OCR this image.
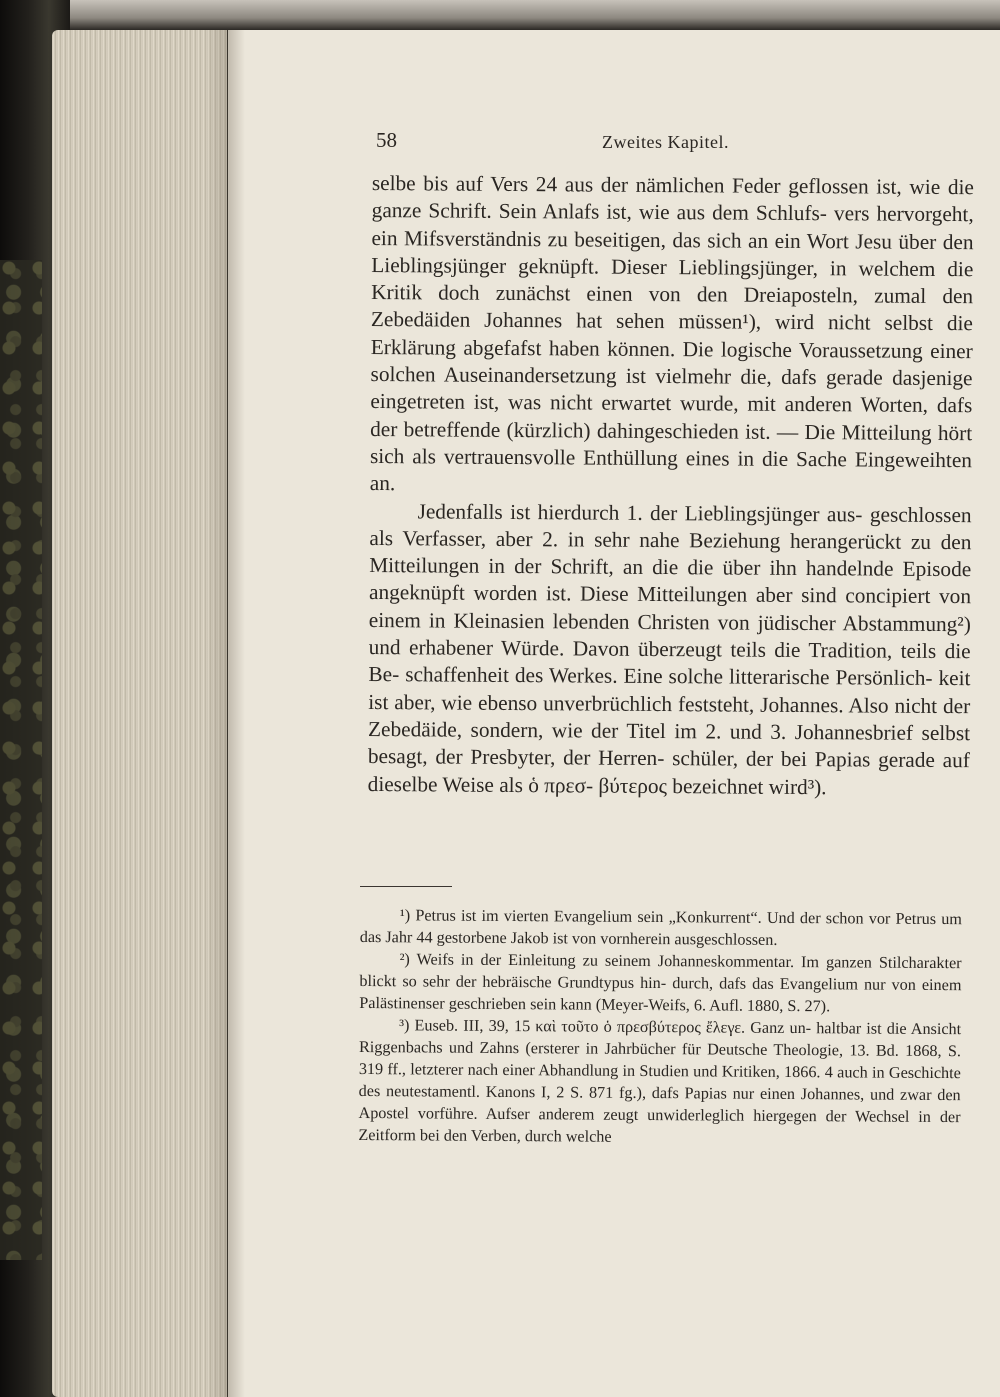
58	Zweites Kapitel.

selbe bis auf Vers 24 aus der nämlichen Feder geflossen ist, wie die ganze Schrift. Sein Anlafs ist, wie aus dem Schlufs- vers hervorgeht, ein Mifsverständnis zu beseitigen, das sich an ein Wort Jesu über den Lieblingsjünger geknüpft. Dieser Lieblingsjünger, in welchem die Kritik doch zunächst einen von den Dreiaposteln, zumal den Zebedäiden Johannes hat sehen müssen¹), wird nicht selbst die Erklärung abgefafst haben können. Die logische Voraussetzung einer solchen Auseinandersetzung ist vielmehr die, dafs gerade dasjenige eingetreten ist, was nicht erwartet wurde, mit anderen Worten, dafs der betreffende (kürzlich) dahingeschieden ist. — Die Mitteilung hört sich als vertrauensvolle Enthüllung eines in die Sache Eingeweihten an.

Jedenfalls ist hierdurch 1. der Lieblingsjünger aus- geschlossen als Verfasser, aber 2. in sehr nahe Beziehung herangerückt zu den Mitteilungen in der Schrift, an die die über ihn handelnde Episode angeknüpft worden ist. Diese Mitteilungen aber sind concipiert von einem in Kleinasien lebenden Christen von jüdischer Abstammung²) und erhabener Würde. Davon überzeugt teils die Tradition, teils die Be- schaffenheit des Werkes. Eine solche litterarische Persönlich- keit ist aber, wie ebenso unverbrüchlich feststeht, Johannes. Also nicht der Zebedäide, sondern, wie der Titel im 2. und 3. Johannesbrief selbst besagt, der Presbyter, der Herren- schüler, der bei Papias gerade auf dieselbe Weise als ὁ πρεσ- βύτερος bezeichnet wird³).

¹) Petrus ist im vierten Evangelium sein „Konkurrent“. Und der schon vor Petrus um das Jahr 44 gestorbene Jakob ist von vornherein ausgeschlossen.

²) Weifs in der Einleitung zu seinem Johanneskommentar. Im ganzen Stilcharakter blickt so sehr der hebräische Grundtypus hin- durch, dafs das Evangelium nur von einem Palästinenser geschrieben sein kann (Meyer-Weifs, 6. Aufl. 1880, S. 27).

³) Euseb. III, 39, 15 καὶ τοῦτο ὁ πρεσβύτερος ἔλεγε. Ganz un- haltbar ist die Ansicht Riggenbachs und Zahns (ersterer in Jahrbücher für Deutsche Theologie, 13. Bd. 1868, S. 319 ff., letzterer nach einer Abhandlung in Studien und Kritiken, 1866. 4 auch in Geschichte des neutestamentl. Kanons I, 2 S. 871 fg.), dafs Papias nur einen Johannes, und zwar den Apostel vorführe. Aufser anderem zeugt unwiderleglich hiergegen der Wechsel in der Zeitform bei den Verben, durch welche
